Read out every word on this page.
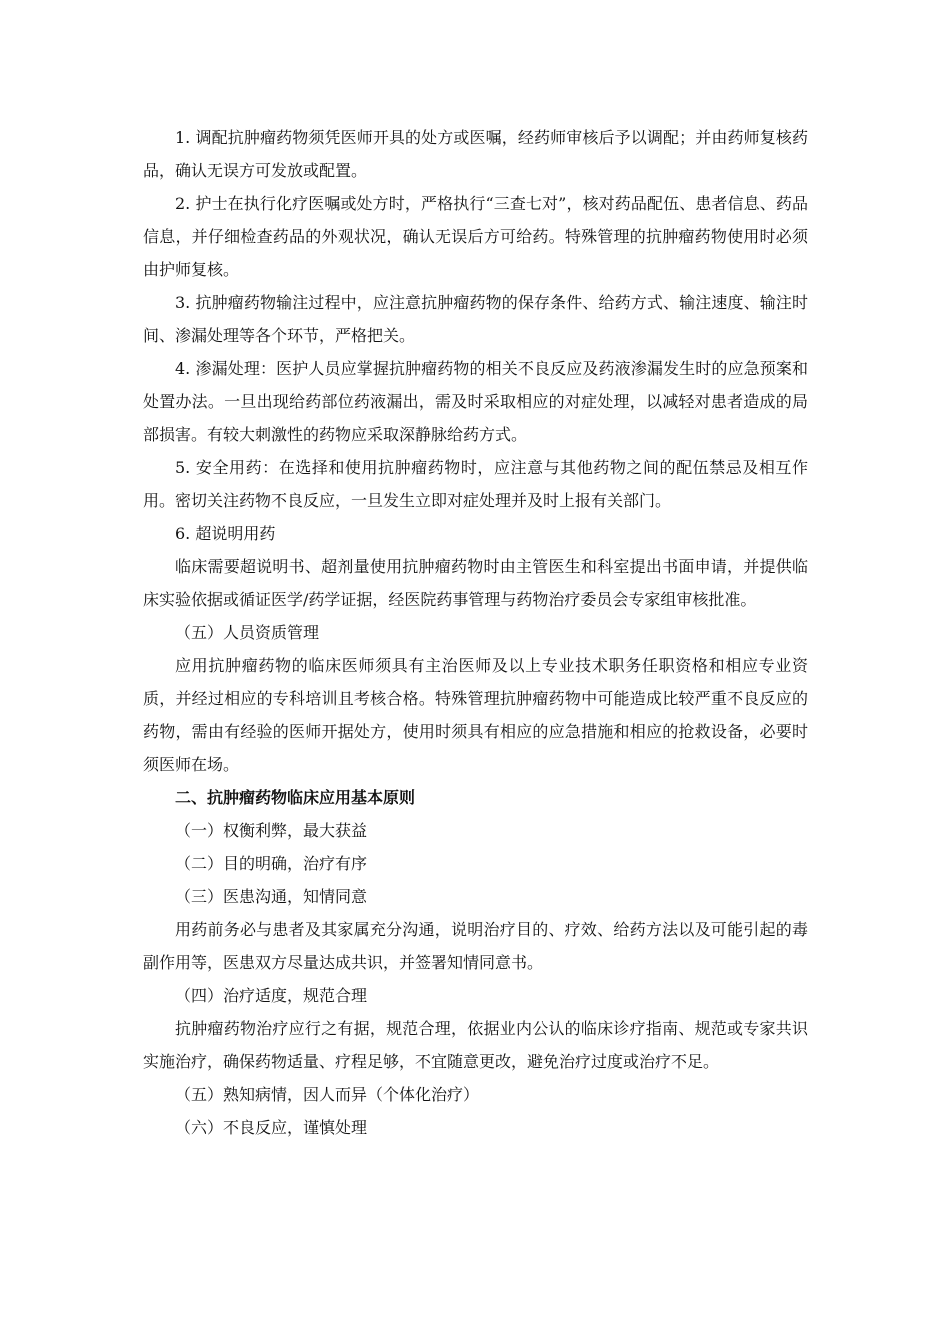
1. 调配抗肿瘤药物须凭医师开具的处方或医嘱，经药师审核后予以调配；并由药师复核药品，确认无误方可发放或配置。

2. 护士在执行化疗医嘱或处方时，严格执行“三查七对”，核对药品配伍、患者信息、药品信息，并仔细检查药品的外观状况，确认无误后方可给药。特殊管理的抗肿瘤药物使用时必须由护师复核。

3. 抗肿瘤药物输注过程中，应注意抗肿瘤药物的保存条件、给药方式、输注速度、输注时间、渗漏处理等各个环节，严格把关。

4. 渗漏处理：医护人员应掌握抗肿瘤药物的相关不良反应及药液渗漏发生时的应急预案和处置办法。一旦出现给药部位药液漏出，需及时采取相应的对症处理，以减轻对患者造成的局部损害。有较大刺激性的药物应采取深静脉给药方式。

5. 安全用药：在选择和使用抗肿瘤药物时，应注意与其他药物之间的配伍禁忌及相互作用。密切关注药物不良反应，一旦发生立即对症处理并及时上报有关部门。

6. 超说明用药

临床需要超说明书、超剂量使用抗肿瘤药物时由主管医生和科室提出书面申请，并提供临床实验依据或循证医学/药学证据，经医院药事管理与药物治疗委员会专家组审核批准。

（五）人员资质管理

应用抗肿瘤药物的临床医师须具有主治医师及以上专业技术职务任职资格和相应专业资质，并经过相应的专科培训且考核合格。特殊管理抗肿瘤药物中可能造成比较严重不良反应的药物，需由有经验的医师开据处方，使用时须具有相应的应急措施和相应的抢救设备，必要时须医师在场。

二、抗肿瘤药物临床应用基本原则

（一）权衡利弊，最大获益

（二）目的明确，治疗有序

（三）医患沟通，知情同意

用药前务必与患者及其家属充分沟通，说明治疗目的、疗效、给药方法以及可能引起的毒副作用等，医患双方尽量达成共识，并签署知情同意书。

（四）治疗适度，规范合理

抗肿瘤药物治疗应行之有据，规范合理，依据业内公认的临床诊疗指南、规范或专家共识实施治疗，确保药物适量、疗程足够，不宜随意更改，避免治疗过度或治疗不足。

（五）熟知病情，因人而异（个体化治疗）

（六）不良反应，谨慎处理
